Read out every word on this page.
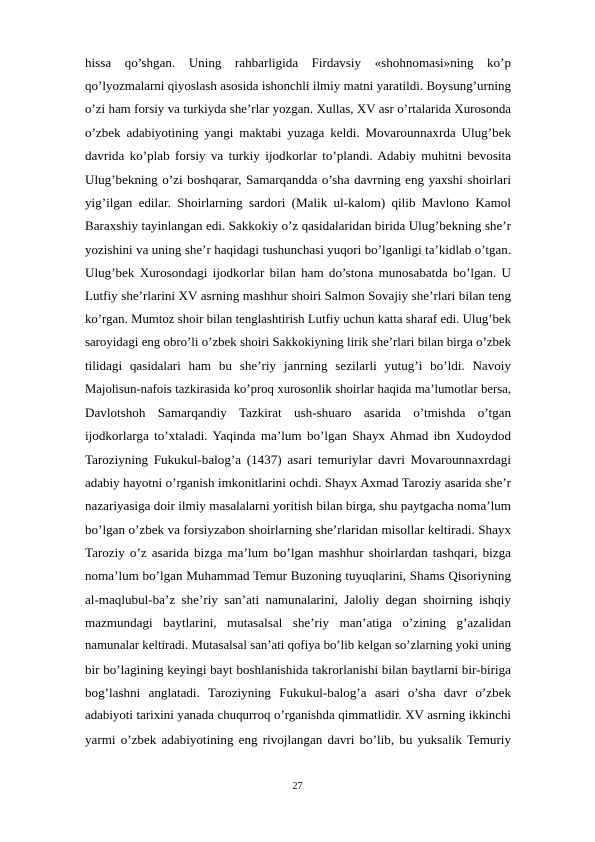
hissa qo’shgan. Uning rahbarligida Firdavsiy «shohnomasi»ning ko’p
qo’lyozmalarni qiyoslash asosida ishonchli ilmiy matni yaratildi. Boysung’urning
o’zi ham forsiy va turkiyda she’rlar yozgan. Xullas, XV asr o’rtalarida Xurosonda
o’zbek adabiyotining yangi maktabi yuzaga keldi. Movarounnaxrda Ulug’bek
davrida ko’plab forsiy va turkiy ijodkorlar to’plandi. Adabiy muhitni bevosita
Ulug’bekning o’zi boshqarar, Samarqandda o’sha davrning eng yaxshi shoirlari
yig’ilgan edilar. Shoirlarning sardori (Malik ul-kalom) qilib Mavlono Kamol
Baraxshiy tayinlangan edi. Sakkokiy o’z qasidalaridan birida Ulug’bekning she’r
yozishini va uning she’r haqidagi tushunchasi yuqori bo’lganligi ta’kidlab o’tgan.
Ulug’bek Xurosondagi ijodkorlar bilan ham do’stona munosabatda bo’lgan. U
Lutfiy she’rlarini XV asrning mashhur shoiri Salmon Sovajiy she’rlari bilan teng
ko’rgan. Mumtoz shoir bilan tenglashtirish Lutfiy uchun katta sharaf edi. Ulug’bek
saroyidagi eng obro’li o’zbek shoiri Sakkokiyning lirik she’rlari bilan birga o’zbek
tilidagi qasidalari ham bu she’riy janrning sezilarli yutug’i bo’ldi. Navoiy
Majolisun-nafois tazkirasida ko’proq xurosonlik shoirlar haqida ma’lumotlar bersa,
Davlotshoh Samarqandiy Tazkirat ush-shuaro asarida o’tmishda o’tgan
ijodkorlarga to’xtaladi. Yaqinda ma’lum bo’lgan Shayx Ahmad ibn Xudoydod
Taroziyning Fukukul-balog’a (1437) asari temuriylar davri Movarounnaxrdagi
adabiy hayotni o’rganish imkonitlarini ochdi. Shayx Axmad Taroziy asarida she’r
nazariyasiga doir ilmiy masalalarni yoritish bilan birga, shu paytgacha noma’lum
bo’lgan o’zbek va forsiyzabon shoirlarning she’rlaridan misollar keltiradi. Shayx
Taroziy o’z asarida bizga ma’lum bo’lgan mashhur shoirlardan tashqari, bizga
noma’lum bo’lgan Muhammad Temur Buzoning tuyuqlarini, Shams Qisoriyning
al-maqlubul-ba’z she’riy san’ati namunalarini, Jaloliy degan shoirning ishqiy
mazmundagi baytlarini, mutasalsal she’riy man’atiga o’zining g’azalidan
namunalar keltiradi. Mutasalsal san’ati qofiya bo’lib kelgan so’zlarning yoki uning
bir bo’lagining keyingi bayt boshlanishida takrorlanishi bilan baytlarni bir-biriga
bog’lashni anglatadi. Taroziyning Fukukul-balog’a asari o’sha davr o’zbek
adabiyoti tarixini yanada chuqurroq o’rganishda qimmatlidir. XV asrning ikkinchi
yarmi o’zbek adabiyotining eng rivojlangan davri bo’lib, bu yuksalik Temuriy
27
